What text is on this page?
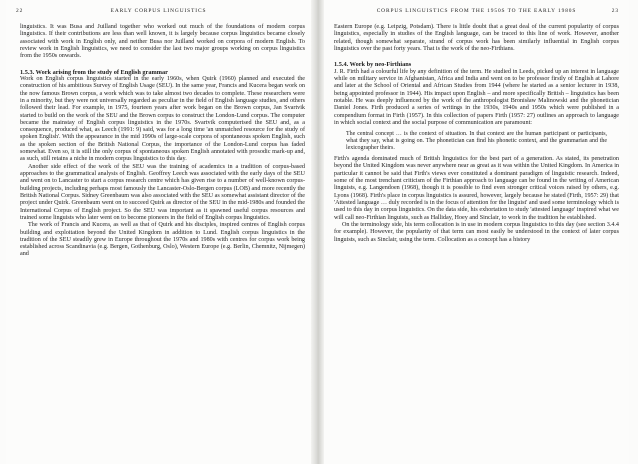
22	EARLY CORPUS LINGUISTICS

linguistics. It was Busa and Juilland together who worked out much of the foundations of modern corpus linguistics. If their contributions are less than well known, it is largely because corpus linguistics became closely associated with work in English only, and neither Busa nor Juilland worked on corpora of modern English. To review work in English linguistics, we need to consider the last two major groups working on corpus linguistics from the 1950s onwards.

1.5.3. Work arising from the study of English grammar

Work on English corpus linguistics started in the early 1960s, when Quirk (1960) planned and executed the construction of his ambitious Survey of English Usage (SEU). In the same year, Francis and Kucera began work on the now famous Brown corpus, a work which was to take almost two decades to complete. These researchers were in a minority, but they were not universally regarded as peculiar in the field of English language studies, and others followed their lead. For example, in 1975, fourteen years after work began on the Brown corpus, Jan Svartvik started to build on the work of the SEU and the Brown corpus to construct the London-Lund corpus. The computer became the mainstay of English corpus linguistics in the 1970s. Svartvik computerised the SEU and, as a consequence, produced what, as Leech (1991: 9) said, was for a long time 'an unmatched resource for the study of spoken English'. With the appearance in the mid 1990s of large-scale corpora of spontaneous spoken English, such as the spoken section of the British National Corpus, the importance of the London-Lund corpus has faded somewhat. Even so, it is still the only corpus of spontaneous spoken English annotated with prosodic mark-up and, as such, still retains a niche in modern corpus linguistics to this day.

Another side effect of the work of the SEU was the training of academics in a tradition of corpus-based approaches to the grammatical analysis of English. Geoffrey Leech was associated with the early days of the SEU and went on to Lancaster to start a corpus research centre which has given rise to a number of well-known corpus-building projects, including perhaps most famously the Lancaster-Oslo-Bergen corpus (LOB) and more recently the British National Corpus. Sidney Greenbaum was also associated with the SEU as somewhat assistant director of the project under Quirk. Greenbaum went on to succeed Quirk as director of the SEU in the mid-1980s and founded the International Corpus of English project. So the SEU was important as it spawned useful corpus resources and trained some linguists who later went on to become pioneers in the field of English corpus linguistics.

The work of Francis and Kucera, as well as that of Quirk and his disciples, inspired centres of English corpus building and exploitation beyond the United Kingdom in addition to Lund. English corpus linguistics in the tradition of the SEU steadily grew in Europe throughout the 1970s and 1980s with centres for corpus work being established across Scandinavia (e.g. Bergen, Gothenburg, Oslo), Western Europe (e.g. Berlin, Chemnitz, Nijmegen) and

CORPUS LINGUISTICS FROM THE 1950S TO THE EARLY 1980S	23

Eastern Europe (e.g. Leipzig, Potsdam). There is little doubt that a great deal of the current popularity of corpus linguistics, especially in studies of the English language, can be traced to this line of work. However, another related, though somewhat separate, strand of corpus work has been similarly influential in English corpus linguistics over the past forty years. That is the work of the neo-Firthians.

1.5.4. Work by neo-Firthians

J. R. Firth had a colourful life by any definition of the term. He studied in Leeds, picked up an interest in language while on military service in Afghanistan, Africa and India and went on to be professor firstly of English at Lahore and later at the School of Oriental and African Studies from 1944 (where he started as a senior lecturer in 1938, being appointed professor in 1944). His impact upon English – and more specifically British – linguistics has been notable. He was deeply influenced by the work of the anthropologist Bronisław Malinowski and the phonetician Daniel Jones. Firth produced a series of writings in the 1930s, 1940s and 1950s which were published in a compendium format in Firth (1957). In this collection of papers Firth (1957: 27) outlines an approach to language in which social context and the social purpose of communication are paramount:

The central concept … is the context of situation. In that context are the human participant or participants, what they say, what is going on. The phonetician can find his phonetic context, and the grammarian and the lexicographer theirs.

Firth's agenda dominated much of British linguistics for the best part of a generation. As stated, its penetration beyond the United Kingdom was never anywhere near as great as it was within the United Kingdom. In America in particular it cannot be said that Firth's views ever constituted a dominant paradigm of linguistic research. Indeed, some of the most trenchant criticism of the Firthian approach to language can be found in the writing of American linguists, e.g. Langendoen (1968), though it is possible to find even stronger critical voices raised by others, e.g. Lyons (1968). Firth's place in corpus linguistics is assured, however, largely because he stated (Firth, 1957: 29) that 'Attested language … duly recorded is in the focus of attention for the linguist' and used some terminology which is used to this day in corpus linguistics. On the data side, his exhortation to study 'attested language' inspired what we will call neo-Firthian linguists, such as Halliday, Hoey and Sinclair, to work in the tradition he established.

On the terminology side, his term collocation is in use in modern corpus linguistics to this day (see section 3.4.4 for example). However, the popularity of that term can most easily be understood in the context of later corpus linguists, such as Sinclair, using the term. Collocation as a concept has a history
